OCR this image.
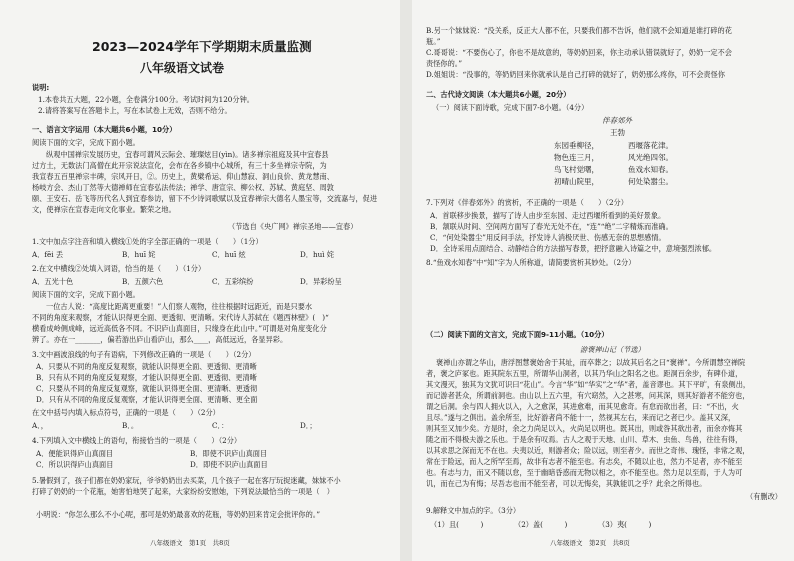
2023—2024学年下学期期末质量监测
八年级语文试卷
说明:
1.本卷共五大题，22小题，全卷满分100分。考试时间为120分钟。
2.请将答案写在答题卡上，写在本试卷上无效，否则不给分。
一、语言文字运用（本大题共6小题，10分）
阅读下面的文字，完成下面小题。
纵观中国禅宗发展历史，宜春可谓风云际会、璀璨炫目(yìn)。诸多禅宗祖庭及其中宜春县
过方土，无数法门高僧在此开宗说法宣化，会布在各乡镇中心城所，有三十多坐禅宗寺院，为
我宣春五百里禅宗丰碑，宗风开日，②。历史上，黄檗希运、仰山慧寂、洞山良价、黄龙慧南、
杨岐方会、杰山丁然等大德禅师在宜春弘法传法；禅学、唐宣宗、柳公权、苏轼、黄庭坚、周敦
颐、王安石、岳飞等历代名人到宜春参访，留下不少诗词歌赋以及宜春禅宗大德名人墨宝等，交流嘉与，促进
文，使禅宗在宣春走向文化事业。繁荣之地。
（节选自《央广网》禅宗圣地——宜春）
1.文中加点字注音和填入横线①处的字全部正确的一项是（　　）（1分）
A．fēi 丢	B．huī 姹	C．huī 炫	D．huì 姹
2.在文中横线②处填入词语，恰当的是（　　）（1分）
A．五光十色	B．五颜六色	C．五彩缤纷	D．异彩纷呈
阅读下面的文字，完成下面小题。
一位古人说：“高度比距离更重要！”人们察人观物，往往根据时远距近，而是只要水
不同的角度来观察，才能认识得更全面、更透彻、更清晰。宋代诗人苏轼在《题西林壁》(　)“
横看成岭侧成峰，远近高低各不同。不识庐山真面目，只缘身在此山中。”可谓是对角度变化分
辨了。亦在一_______，偏若游出庐山看庐山，那么____，高低远近，各显异彩。
3.文中画波浪线的句子有语病，下列修改正确的一项是（　　）（2分）
A．只要从不同的角度反复观察，就能认识得更全面、更透彻、更清晰
B．只有从不同的角度反复观察，才能认识得更全面、更透彻、更清晰
C．只要从不同的角度反复观察，就能认识得更全面、更清晰、更透彻
D．只有从不同的角度反复观察，才能认识得更全面、更清晰、更全面
在文中括号内填入标点符号，正确的一项是（　　）（2分）
A．，	B．。	C．：	D．；
4.下列填入文中横线上的语句，衔接恰当的一项是（　　）（2分）
A．便能识得庐山真面目	B．即使不识庐山真面目
C．所以识得庐山真面目	D．即使不识庐山真面目
5.暑假到了，孩子们都在奶奶家玩，爷爷奶奶出去买菜，几个孩子一起在客厅玩捉迷藏，妹妹不小
打碎了奶奶的一个花瓶，她害怕地哭了起来，大家纷纷安慰她，下列说法最恰当的一项是（　）
小明说：“你怎么那么不小心呢，那可是奶奶最喜欢的花瓶，等奶奶回来肯定会批评你的。”
八年级语文　第1页　共8页
B.另一个妹妹说：“没关系，反正大人都不在，只要我们都不告诉，他们就不会知道是谁打碎的花
瓶。”
C.哥哥说：“不要伤心了，你也不是故意的，等奶奶回来，你主动承认错误就好了，奶奶一定不会
责怪你的。”
D.姐姐说：“没事的，等奶奶回来你就承认是自己打碎的就好了，奶奶那么疼你，可不会责怪你
二、古代诗文阅读（本大题共6小题，20分）
（一）阅读下面诗歌，完成下面7-8小题。（4分）
伴春郊外
王勃
东园垂柳径，	西堰落花津。
物色连三月，	风光绝四邻。
鸟飞村觉曙，	鱼戏水知春。
初晴山院里，	何处染嚣尘。
7.下列对《伴春郊外》的赏析，不正确的一项是（　　）（2分）
A．首联移步换景，描写了诗人由步至东园、走过西堰所看到的美好景象。
B．颔联从时间、空间两方面写了春光无处不在，“连”“绝”二字精炼而准确。
C．“何处染嚣尘”用反问手法，抒发诗人消极厌世、伤感无奈的思想感情。
D．全诗采用点面结合、动静结合的方法描写春景，把抒意融入诗篇之中，意境强烈浓郁。
8.“鱼戏水知春”中“知”字为人所称道，请简要赏析其妙处。（2分）
（二）阅读下面的文言文，完成下面9-11小题。（10分）
游褒禅山记（节选）
褒禅山亦谓之华山，唐浮图慧褒始舍于其址，而卒葬之；以故其后名之曰“褒禅”。今所谓慧空禅院
者，褒之庐冢也。距其院东五里，所谓华山洞者，以其乃华山之阳名之也。距洞百余步，有碑仆道，
其文漫灭，独其为文犹可识曰“花山”。今言“华”如“华实”之“华”者，盖音谬也。其下平旷，有泉侧出，
而记游者甚众，所谓前洞也。由山以上五六里，有穴窈然，入之甚寒，问其深，则其好游者不能穷也，
谓之后洞。余与四人拥火以入，入之愈深，其进愈难，而其见愈奇。有怠而欲出者，曰：“不出，火
且尽。”遂与之俱出。盖余所至，比好游者尚不能十一，然视其左右，来而记之者已少。盖其又深，
则其至又加少矣。方是时，余之力尚足以入，火尚足以明也。既其出，则或咎其欲出者，而余亦悔其
随之而不得极夫游之乐也。于是余有叹焉。古人之观于天地、山川、草木、虫鱼、鸟兽，往往有得，
以其求思之深而无不在也。夫夷以近，则游者众；险以远，则至者少。而世之奇伟、瑰怪，非常之观，
常在于险远，而人之所罕至焉，故非有志者不能至也。有志矣，不随以止也，然力不足者，亦不能至
也。有志与力，而又不随以怠，至于幽暗昏惑而无物以相之，亦不能至也。然力足以至焉，于人为可
讥，而在己为有悔；尽吾志也而不能至者，可以无悔矣，其孰能讥之乎？此余之所得也。
（有删改）
9.解释文中加点的字。（3分）
（1）且(　　　)	（2）盖(　　　)	（3）夷(　　　)
八年级语文　第2页　共8页
